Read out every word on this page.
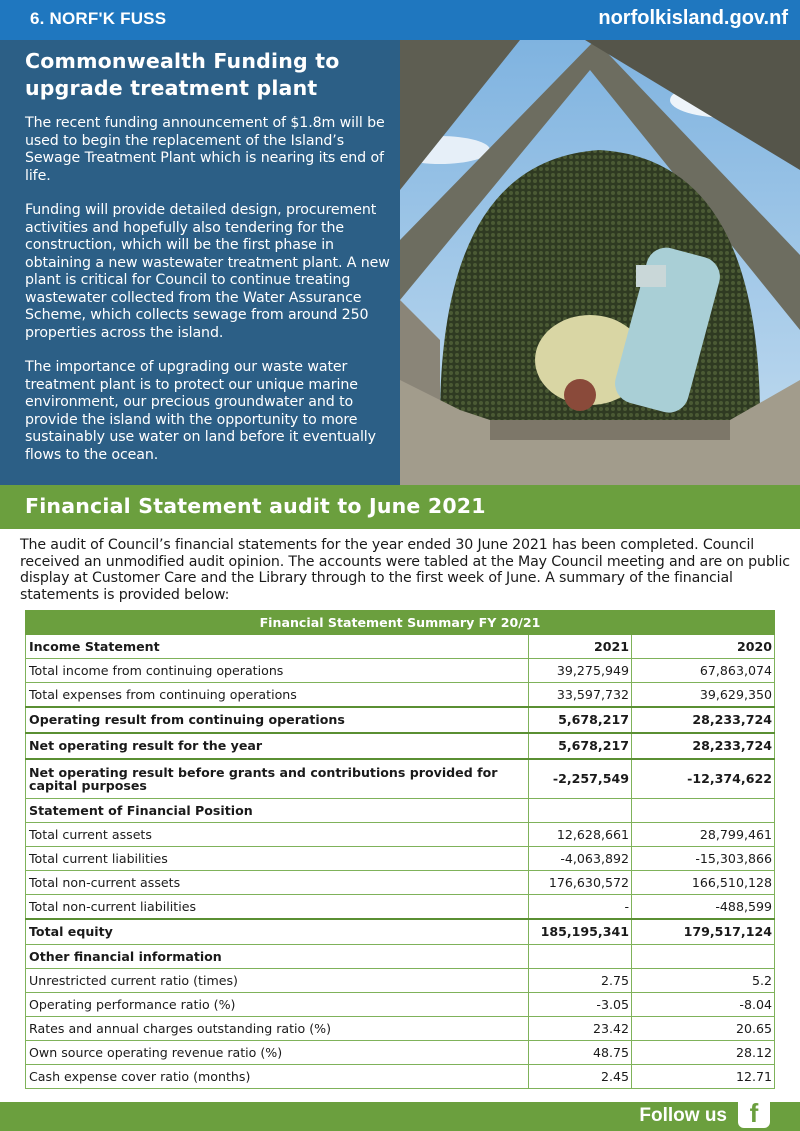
6. NORF'K FUSS	norfolkisland.gov.nf
Commonwealth Funding to
upgrade treatment plant

The recent funding announcement of $1.8m will be used to begin the replacement of the Island’s Sewage Treatment Plant which is nearing its end of life.

Funding will provide detailed design, procurement activities and hopefully also tendering for the construction, which will be the first phase in obtaining a new wastewater treatment plant. A new plant is critical for Council to continue treating wastewater collected from the Water Assurance Scheme, which collects sewage from around 250 properties across the island.

The importance of upgrading our waste water treatment plant is to protect our unique marine environment, our precious groundwater and to provide the island with the opportunity to more sustainably use water on land before it eventually flows to the ocean.

Financial Statement audit to June 2021

The audit of Council’s financial statements for the year ended 30 June 2021 has been completed. Council received an unmodified audit opinion. The accounts were tabled at the May Council meeting and are on public display at Customer Care and the Library through to the first week of June. A summary of the financial statements is provided below:

Financial Statement Summary FY 20/21		
Income Statement	2021	2020
Total income from continuing operations	39,275,949	67,863,074
Total expenses from continuing operations	33,597,732	39,629,350
Operating result from continuing operations	5,678,217	28,233,724
Net operating result for the year	5,678,217	28,233,724
Net operating result before grants and contributions provided for capital purposes	-2,257,549	-12,374,622
Statement of Financial Position		
Total current assets	12,628,661	28,799,461
Total current liabilities	-4,063,892	-15,303,866
Total non-current assets	176,630,572	166,510,128
Total non-current liabilities	-	-488,599
Total equity	185,195,341	179,517,124
Other financial information		
Unrestricted current ratio (times)	2.75	5.2
Operating performance ratio (%)	-3.05	-8.04
Rates and annual charges outstanding ratio (%)	23.42	20.65
Own source operating revenue ratio (%)	48.75	28.12
Cash expense cover ratio (months)	2.45	12.71
Follow us f
